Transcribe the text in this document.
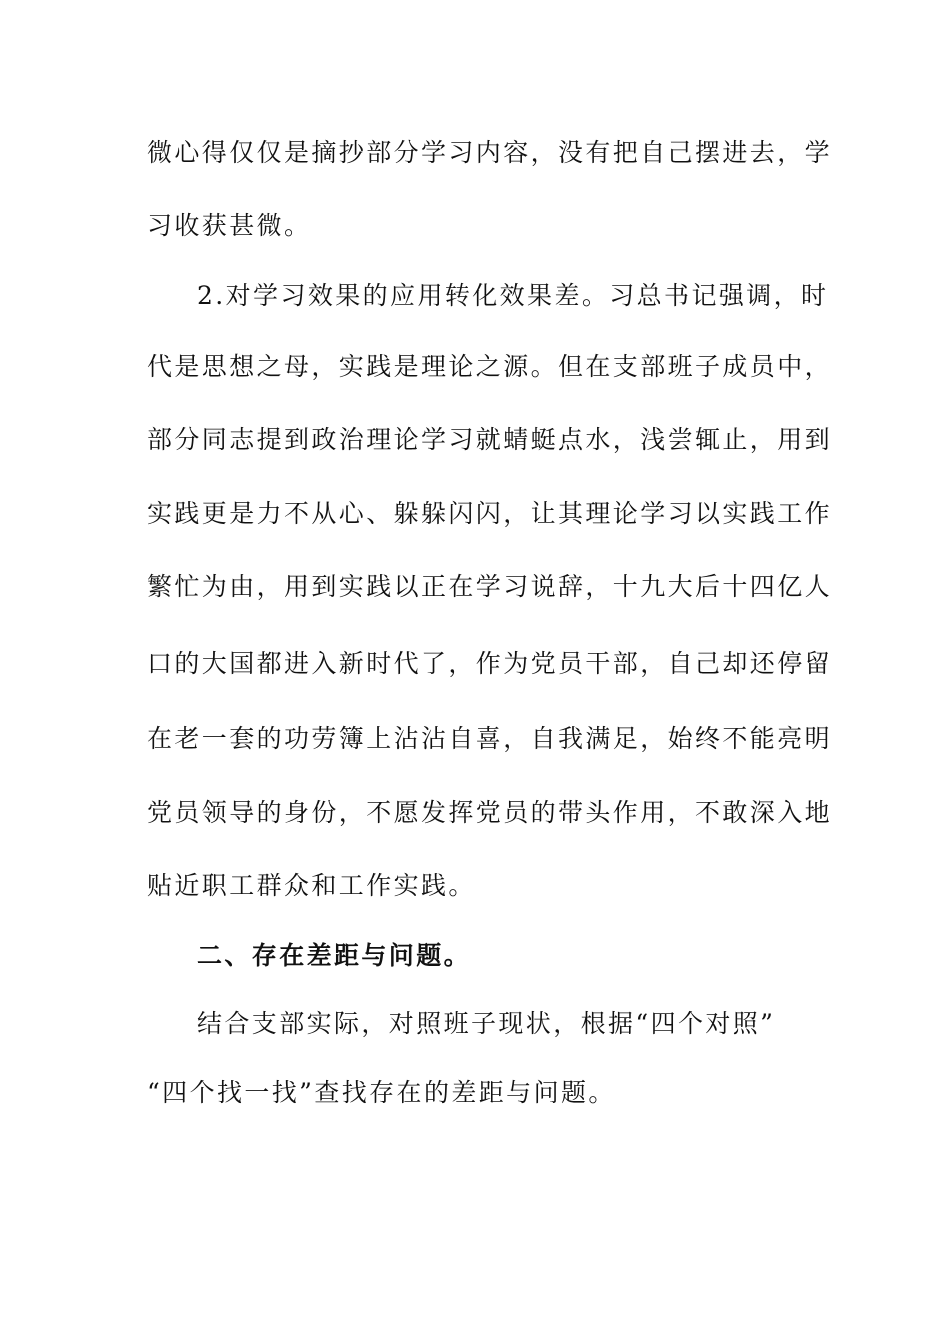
微心得仅仅是摘抄部分学习内容，没有把自己摆进去，学
习收获甚微。
2.对学习效果的应用转化效果差。习总书记强调，时
代是思想之母，实践是理论之源。但在支部班子成员中，
部分同志提到政治理论学习就蜻蜓点水，浅尝辄止，用到
实践更是力不从心、躲躲闪闪，让其理论学习以实践工作
繁忙为由，用到实践以正在学习说辞，十九大后十四亿人
口的大国都进入新时代了，作为党员干部，自己却还停留
在老一套的功劳簿上沾沾自喜，自我满足，始终不能亮明
党员领导的身份，不愿发挥党员的带头作用，不敢深入地
贴近职工群众和工作实践。
二、存在差距与问题。
结合支部实际，对照班子现状，根据“四个对照”
“四个找一找”查找存在的差距与问题。
